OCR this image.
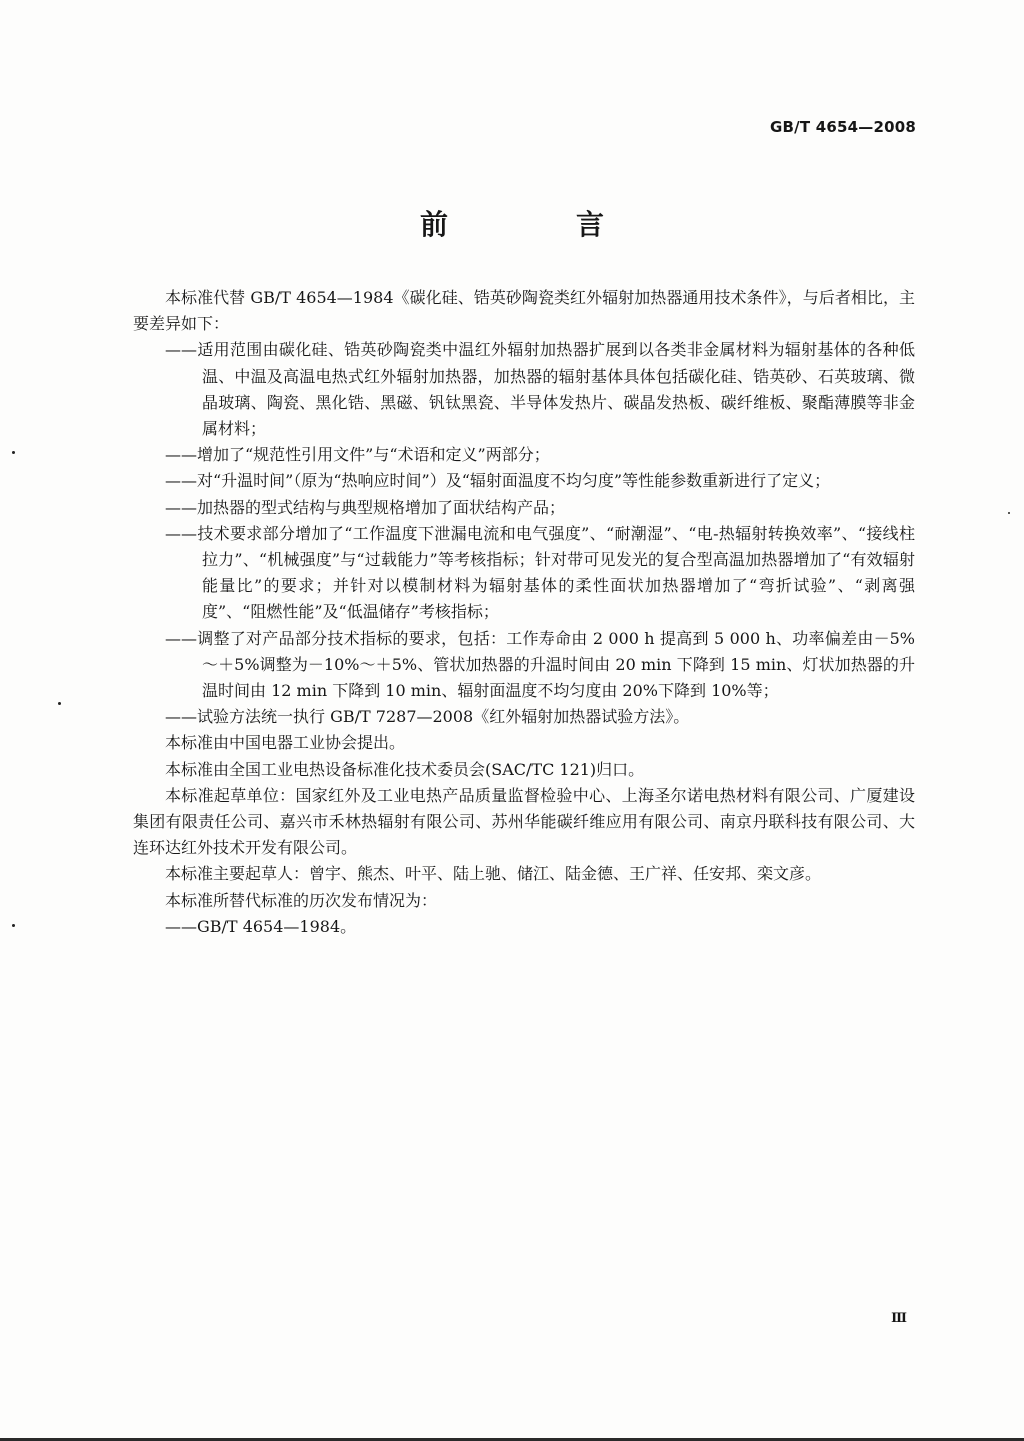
GB/T 4654—2008
前　言

本标准代替 GB/T 4654—1984《碳化硅、锆英砂陶瓷类红外辐射加热器通用技术条件》，与后者相比，主要差异如下：

——适用范围由碳化硅、锆英砂陶瓷类中温红外辐射加热器扩展到以各类非金属材料为辐射基体的各种低温、中温及高温电热式红外辐射加热器，加热器的辐射基体具体包括碳化硅、锆英砂、石英玻璃、微晶玻璃、陶瓷、黑化锆、黑磁、钒钛黑瓷、半导体发热片、碳晶发热板、碳纤维板、聚酯薄膜等非金属材料；

——增加了“规范性引用文件”与“术语和定义”两部分；

——对“升温时间”（原为“热响应时间”）及“辐射面温度不均匀度”等性能参数重新进行了定义；

——加热器的型式结构与典型规格增加了面状结构产品；

——技术要求部分增加了“工作温度下泄漏电流和电气强度”、“耐潮湿”、“电-热辐射转换效率”、“接线柱拉力”、“机械强度”与“过载能力”等考核指标；针对带可见发光的复合型高温加热器增加了“有效辐射能量比”的要求；并针对以模制材料为辐射基体的柔性面状加热器增加了“弯折试验”、“剥离强度”、“阻燃性能”及“低温储存”考核指标；

——调整了对产品部分技术指标的要求，包括：工作寿命由 2 000 h 提高到 5 000 h、功率偏差由－5%～＋5%调整为－10%～＋5%、管状加热器的升温时间由 20 min 下降到 15 min、灯状加热器的升温时间由 12 min 下降到 10 min、辐射面温度不均匀度由 20%下降到 10%等；

——试验方法统一执行 GB/T 7287—2008《红外辐射加热器试验方法》。

本标准由中国电器工业协会提出。

本标准由全国工业电热设备标准化技术委员会(SAC/TC 121)归口。

本标准起草单位：国家红外及工业电热产品质量监督检验中心、上海圣尔诺电热材料有限公司、广厦建设集团有限责任公司、嘉兴市禾林热辐射有限公司、苏州华能碳纤维应用有限公司、南京丹联科技有限公司、大连环达红外技术开发有限公司。

本标准主要起草人：曾宇、熊杰、叶平、陆上驰、储江、陆金德、王广祥、任安邦、栾文彦。

本标准所替代标准的历次发布情况为：

——GB/T 4654—1984。

Ⅲ
